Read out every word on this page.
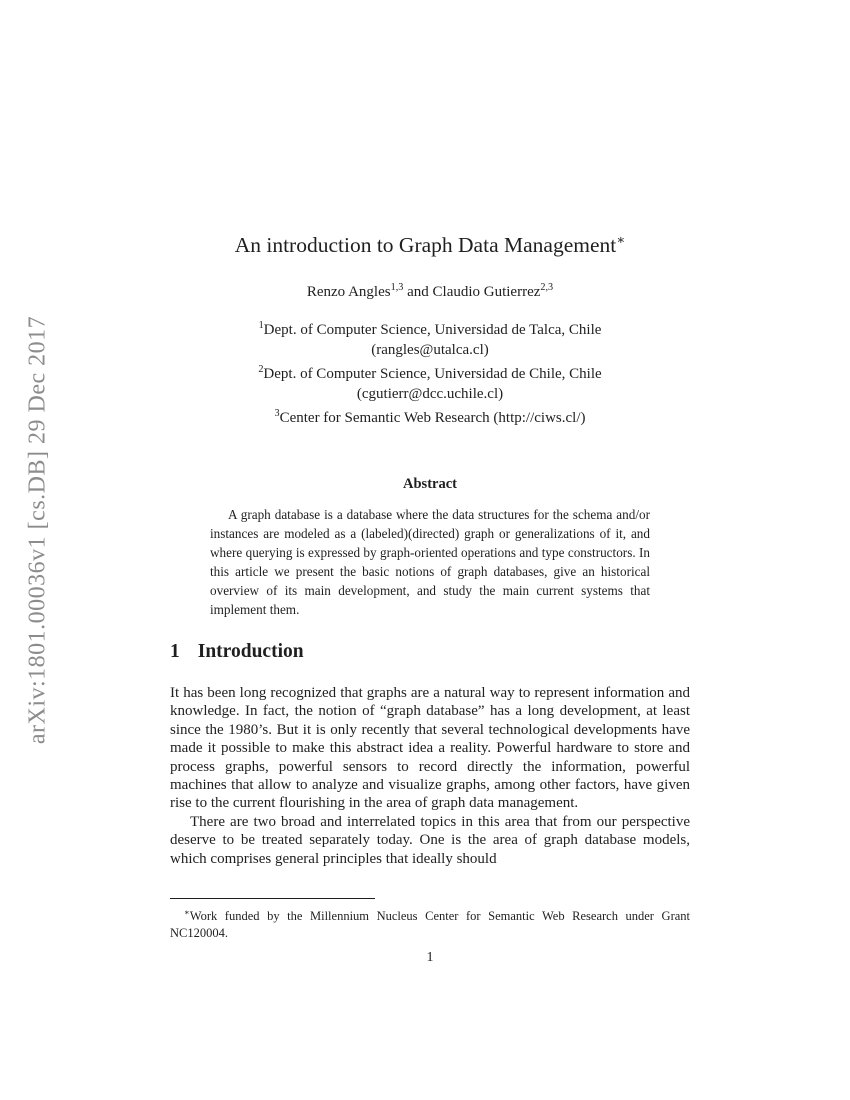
arXiv:1801.00036v1 [cs.DB] 29 Dec 2017
An introduction to Graph Data Management∗
Renzo Angles$^{1,3}$ and Claudio Gutierrez$^{2,3}$
$^1$Dept. of Computer Science, Universidad de Talca, Chile
(rangles@utalca.cl)
$^2$Dept. of Computer Science, Universidad de Chile, Chile
(cgutierr@dcc.uchile.cl)
$^3$Center for Semantic Web Research (http://ciws.cl/)
Abstract

A graph database is a database where the data structures for the schema and/or instances are modeled as a (labeled)(directed) graph or generalizations of it, and where querying is expressed by graph-oriented operations and type constructors. In this article we present the basic notions of graph databases, give an historical overview of its main development, and study the main current systems that implement them.

1 Introduction

It has been long recognized that graphs are a natural way to represent information and knowledge. In fact, the notion of “graph database” has a long development, at least since the 1980’s. But it is only recently that several technological developments have made it possible to make this abstract idea a reality. Powerful hardware to store and process graphs, powerful sensors to record directly the information, powerful machines that allow to analyze and visualize graphs, among other factors, have given rise to the current flourishing in the area of graph data management.

There are two broad and interrelated topics in this area that from our perspective deserve to be treated separately today. One is the area of graph database models, which comprises general principles that ideally should

∗Work funded by the Millennium Nucleus Center for Semantic Web Research under Grant NC120004.

1
